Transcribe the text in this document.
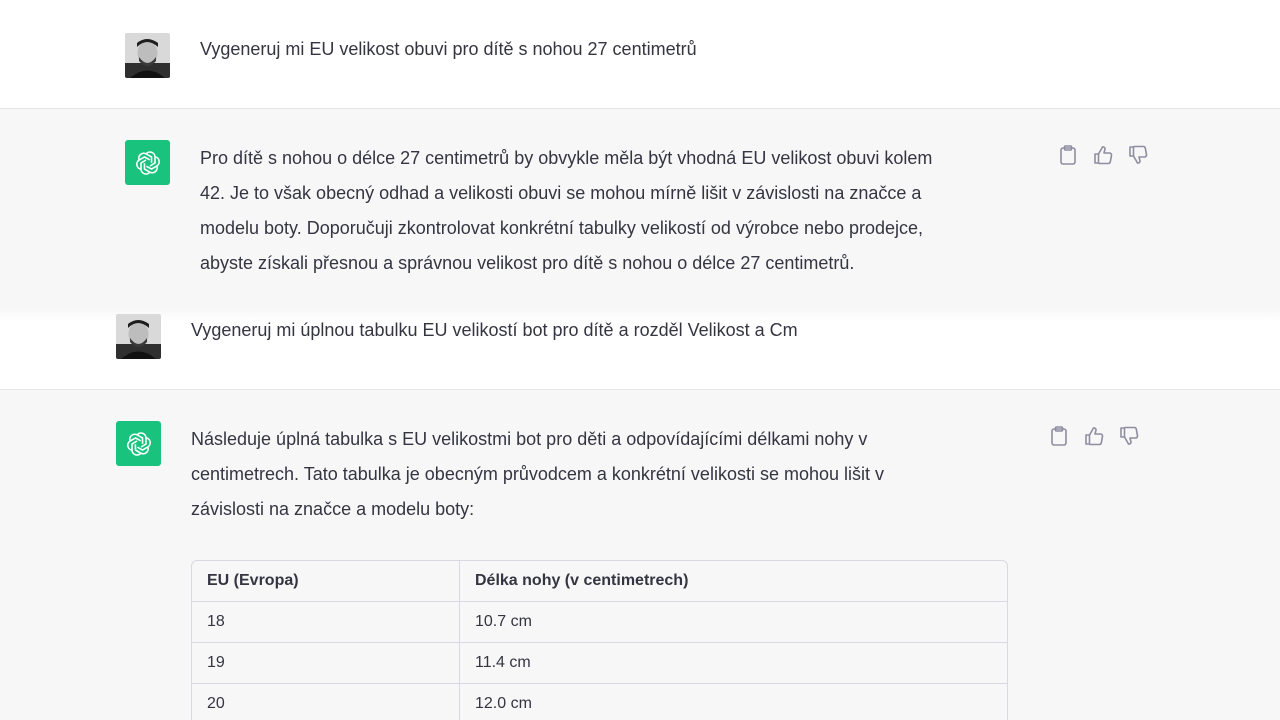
Vygeneruj mi EU velikost obuvi pro dítě s nohou 27 centimetrů
Pro dítě s nohou o délce 27 centimetrů by obvykle měla být vhodná EU velikost obuvi kolem
42. Je to však obecný odhad a velikosti obuvi se mohou mírně lišit v závislosti na značce a
modelu boty. Doporučuji zkontrolovat konkrétní tabulky velikostí od výrobce nebo prodejce,
abyste získali přesnou a správnou velikost pro dítě s nohou o délce 27 centimetrů.
Vygeneruj mi úplnou tabulku EU velikostí bot pro dítě a rozděl Velikost a Cm
Následuje úplná tabulka s EU velikostmi bot pro děti a odpovídajícími délkami nohy v
centimetrech. Tato tabulka je obecným průvodcem a konkrétní velikosti se mohou lišit v
závislosti na značce a modelu boty:
EU (Evropa)	Délka nohy (v centimetrech)
18	10.7 cm
19	11.4 cm
20	12.0 cm
